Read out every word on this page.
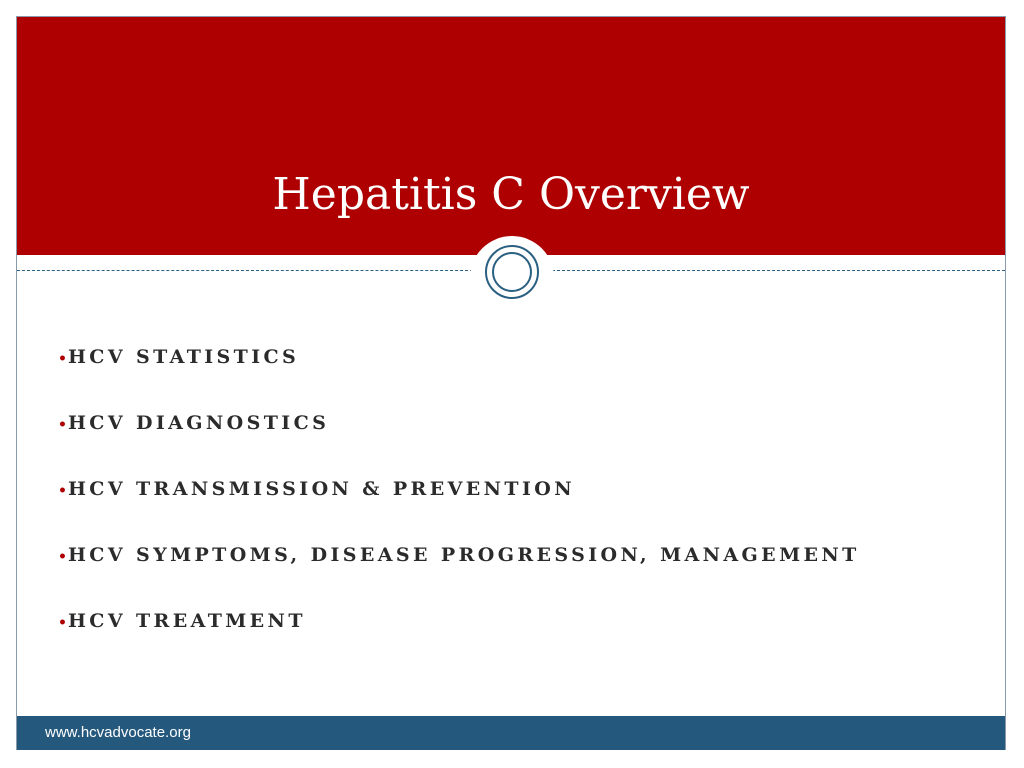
Hepatitis C Overview
•HCV STATISTICS
•HCV DIAGNOSTICS
•HCV TRANSMISSION & PREVENTION
•HCV SYMPTOMS, DISEASE PROGRESSION, MANAGEMENT
•HCV TREATMENT
www.hcvadvocate.org
